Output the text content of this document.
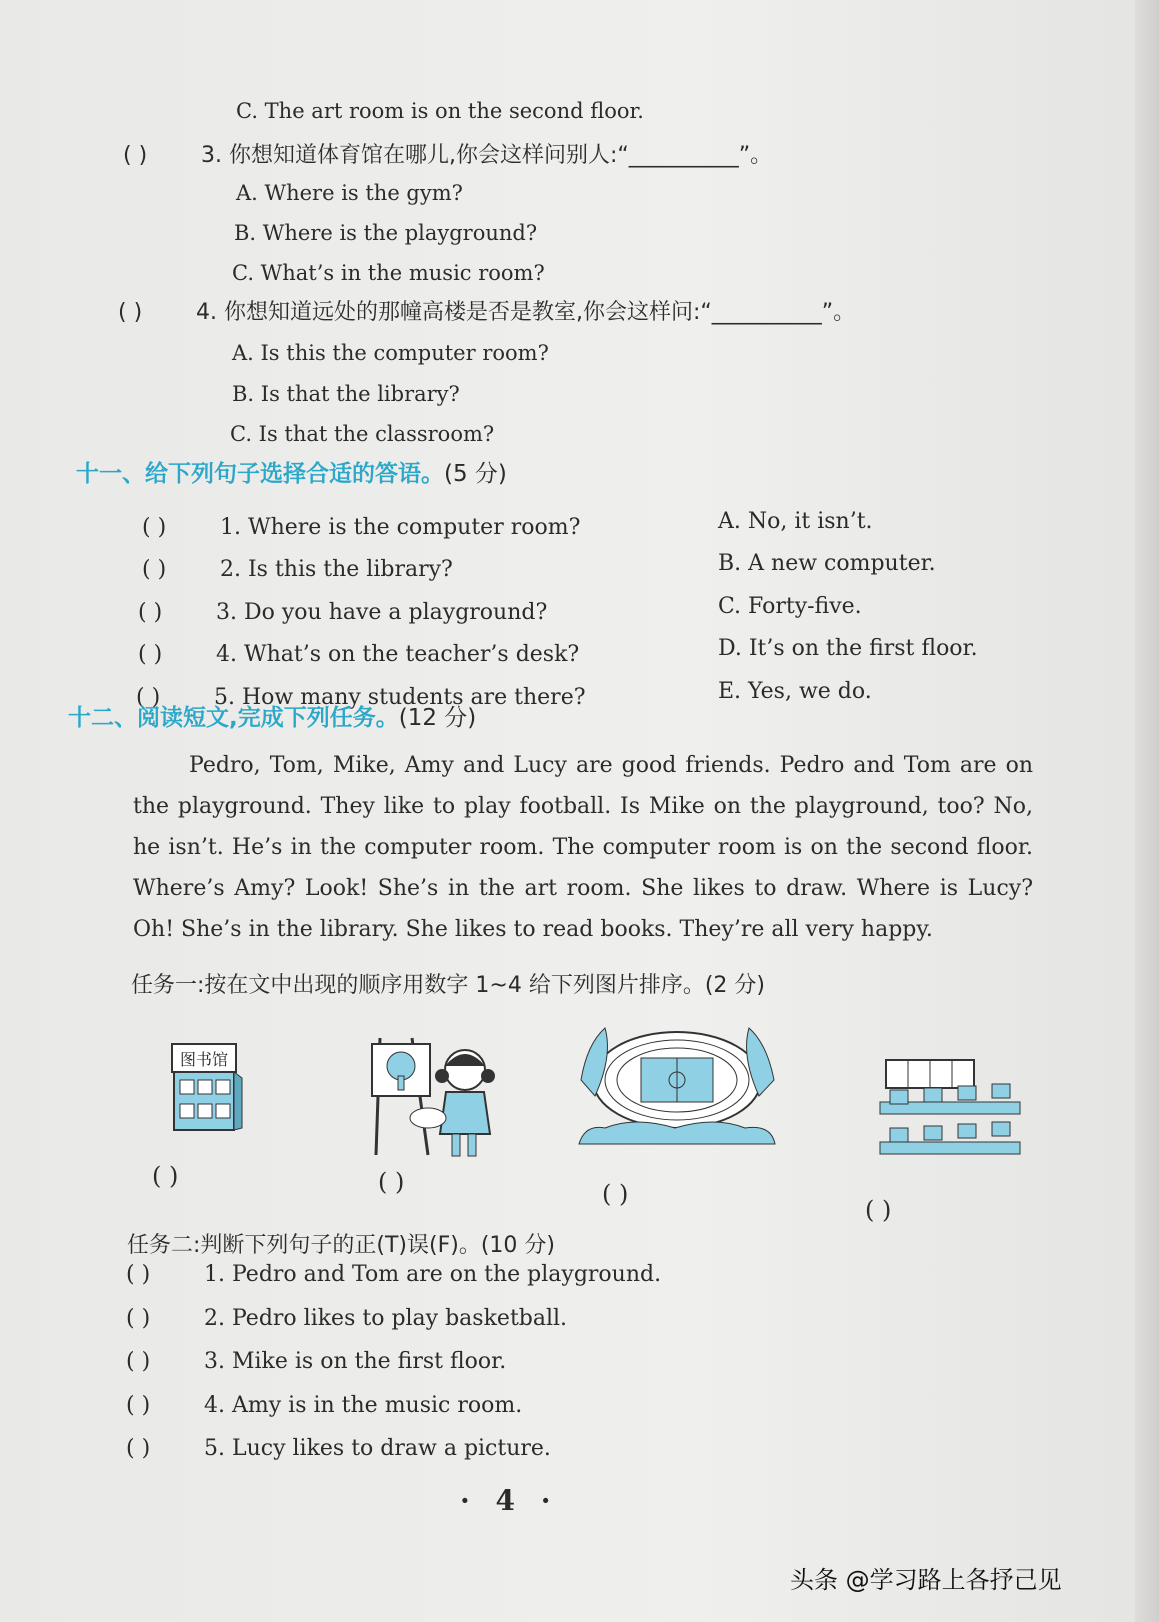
C. The art room is on the second floor.
( ) 3. 你想知道体育馆在哪儿,你会这样问别人:“__________”。
A. Where is the gym?
B. Where is the playground?
C. What’s in the music room?
( ) 4. 你想知道远处的那幢高楼是否是教室,你会这样问:“__________”。
A. Is this the computer room?
B. Is that the library?
C. Is that the classroom?
十一、给下列句子选择合适的答语。(5 分)
( ) 1. Where is the computer room?	A. No, it isn’t.
( ) 2. Is this the library?	B. A new computer.
( ) 3. Do you have a playground?	C. Forty-five.
( ) 4. What’s on the teacher’s desk?	D. It’s on the first floor.
( ) 5. How many students are there?	E. Yes, we do.
十二、阅读短文,完成下列任务。(12 分)
Pedro, Tom, Mike, Amy and Lucy are good friends. Pedro and Tom are on the playground. They like to play football. Is Mike on the playground, too? No, he isn’t. He’s in the computer room. The computer room is on the second floor. Where’s Amy? Look! She’s in the art room. She likes to draw. Where is Lucy? Oh! She’s in the library. She likes to read books. They’re all very happy.
任务一:按在文中出现的顺序用数字 1~4 给下列图片排序。(2 分)
图书馆
( )	( )	( )
( )
任务二:判断下列句子的正(T)误(F)。(10 分)
( ) 1. Pedro and Tom are on the playground.
( ) 2. Pedro likes to play basketball.
( ) 3. Mike is on the first floor.
( ) 4. Amy is in the music room.
( ) 5. Lucy likes to draw a picture.
· 4 ·
头条 @学习路上各抒己见
